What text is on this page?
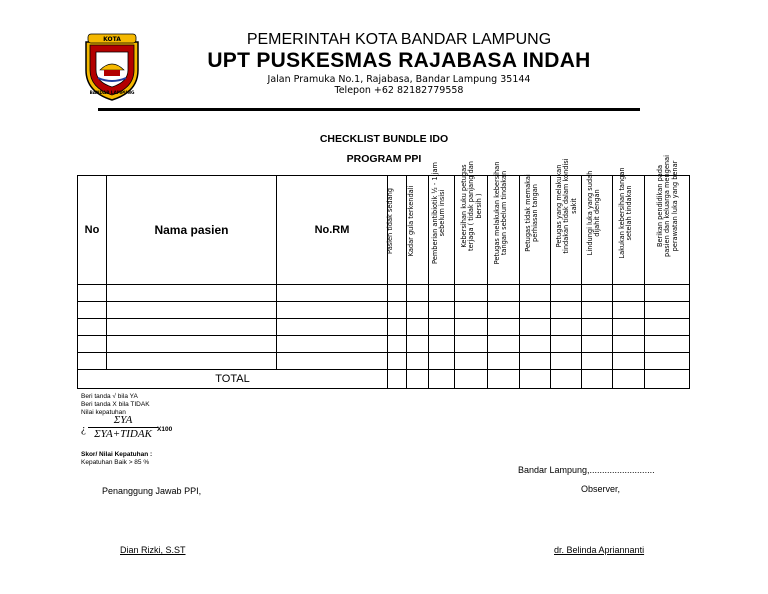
KOTA
BANDAR LAMPUNG
PEMERINTAH KOTA BANDAR LAMPUNG
UPT PUSKESMAS RAJABASA INDAH
Jalan Pramuka No.1, Rajabasa, Bandar Lampung 35144
Telepon +62 82182779558
CHECKLIST BUNDLE IDO
PROGRAM PPI
No	Nama pasien	No.RM	Pasien tidak sedang	Kadar gula terkendali	Pemberian antibiotik ½ - 1 jam sebelum insisi	Kebersihan kuku petugas terjaga ( tidak panjang dan bersih )	Petugas melakukan kebersihan tangan sebelum tindakan	Petugas tidak memakai perhiasan tangan	Petugas yang melakukan tindakan tidak dalam kondisi sakit	Lindungi luka yang sudah dijahit dengan	Lakukan kebersihan tangan setelah tindakan	Berikan pendidikan pada pasien dan keluarga mengenai perawatan luka yang benar

TOTAL												
Beri tanda √ bila YA
Beri tanda X bila TIDAK
Nilai kepatuhan
¿
ΣYA
ΣYA+TIDAK X100
Skor/ Nilai Kepatuhan :
Kepatuhan Baik > 85 %
Bandar Lampung,..........................
Penanggung Jawab PPI,	Observer,
Dian Rizki, S.ST	dr. Belinda Apriannanti
